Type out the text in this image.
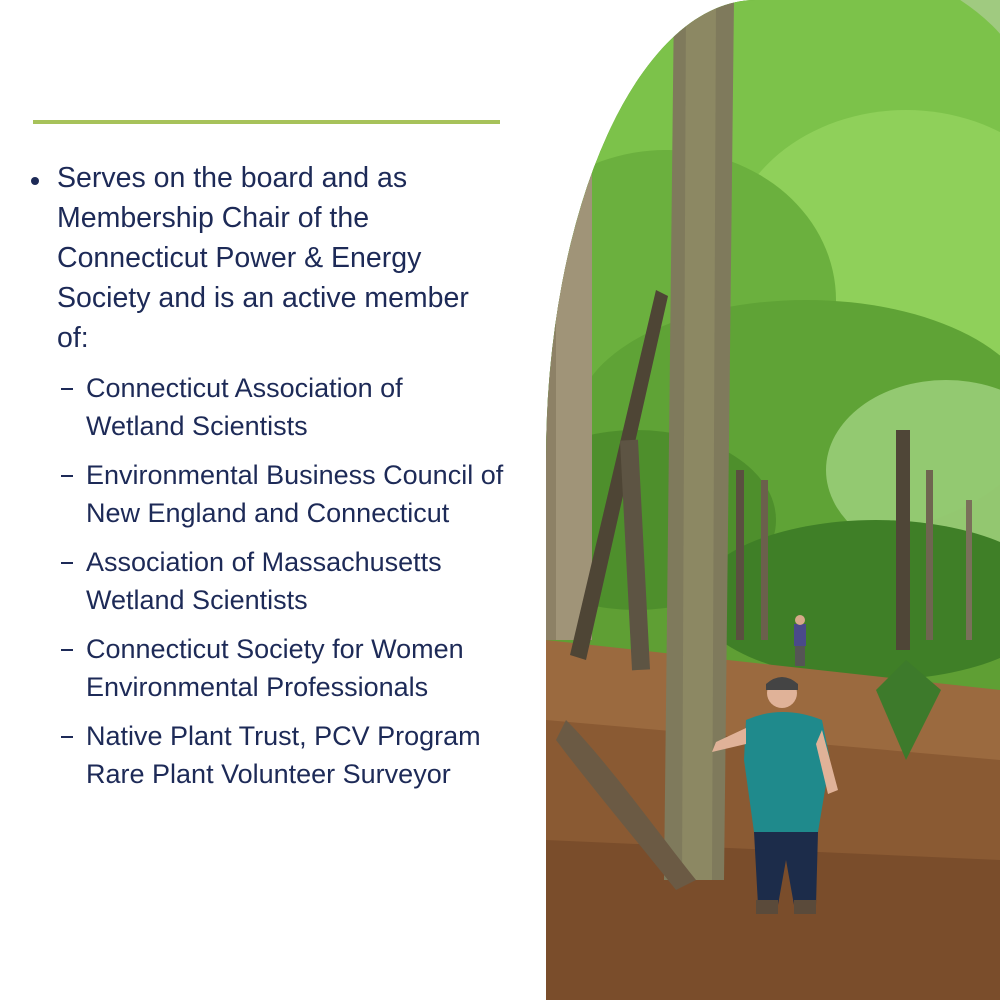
Serves on the board and as Membership Chair of the Connecticut Power & Energy Society and is an active member of:

Connecticut Association of Wetland Scientists

Environmental Business Council of New England and Connecticut

Association of Massachusetts Wetland Scientists

Connecticut Society for Women Environmental Professionals

Native Plant Trust, PCV Program Rare Plant Volunteer Surveyor
